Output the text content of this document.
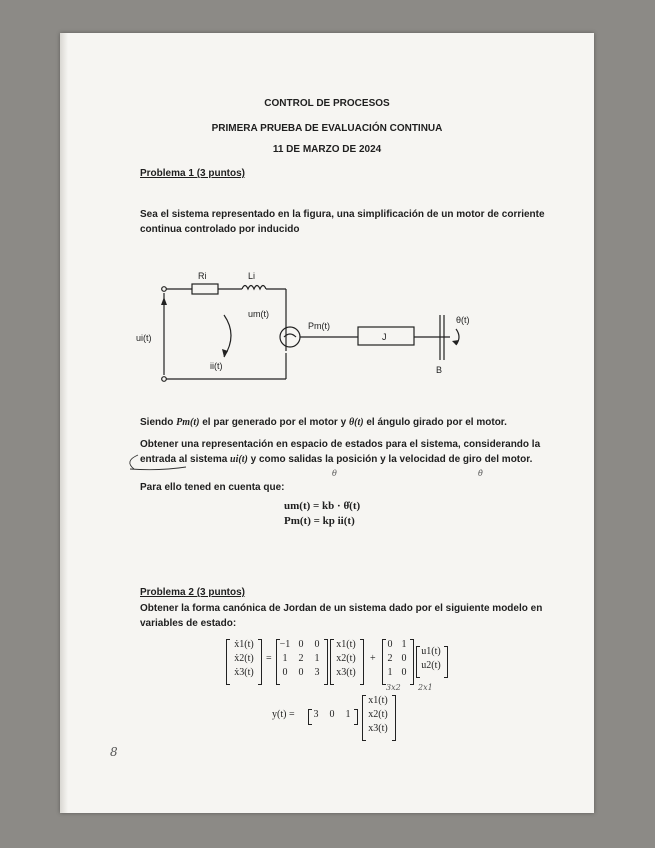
CONTROL DE PROCESOS
PRIMERA PRUEBA DE EVALUACIÓN CONTINUA
11 DE MARZO DE 2024
Problema 1 (3 puntos)
Sea el sistema representado en la figura, una simplificación de un motor de corriente
continua controlado por inducido
Ri	Li
um(t)
ui(t)
ii(t)
Pm(t)
J
θ(t)
B
Siendo Pm(t) el par generado por el motor y θ(t) el ángulo girado por el motor.
Obtener una representación en espacio de estados para el sistema, considerando la
entrada al sistema ui(t) y como salidas la posición y la velocidad de giro del motor.
θ	θ̇
Para ello tened en cuenta que:
um(t) = kb · θ̇(t)
Pm(t) = kp ii(t)
Problema 2 (3 puntos)
Obtener la forma canónica de Jordan de un sistema dado por el siguiente modelo en
variables de estado:
ẋ1(t)
ẋ2(t)
ẋ3(t)
=
−1 0	0
1	2	1
0	0	3
x1(t)
x2(t)
x3(t)
+
0 1
2 0
1 0
u1(t)
u2(t)
3x2 2x1
y(t) =	3	0	1
x1(t)
x2(t)
x3(t)
8
